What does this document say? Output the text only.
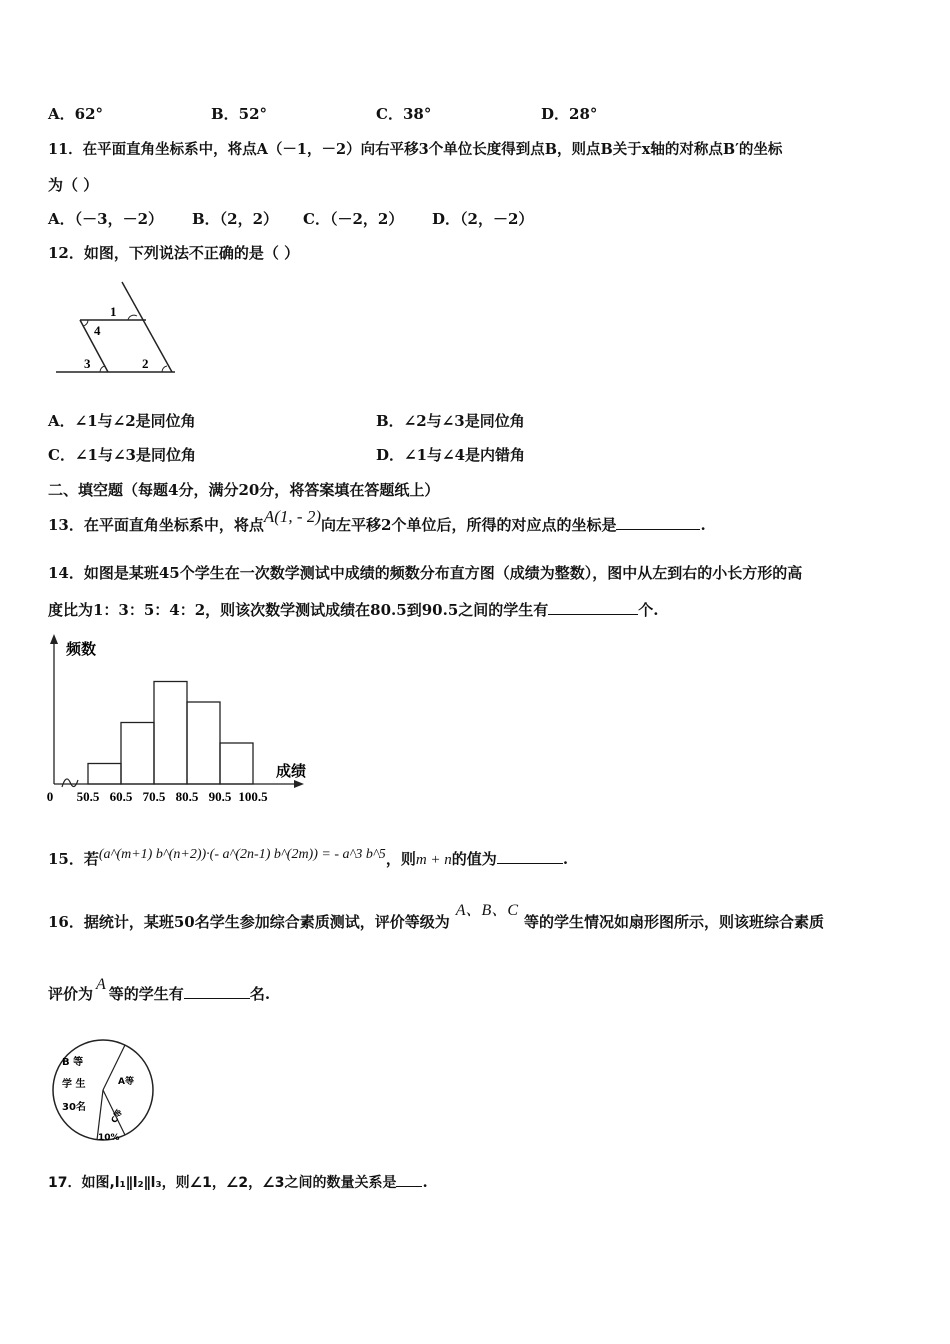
A．62°	B．52°	C．38°	D．28°
11．在平面直角坐标系中，将点A（－1，－2）向右平移3个单位长度得到点B，则点B关于x轴的对称点B′的坐标
为（ ）
A．（－3，－2） B．（2，2） C．（－2，2） D．（2，－2）
12．如图，下列说法不正确的是（ ）
1
4
3	2
A．∠1与∠2是同位角	B．∠2与∠3是同位角
C．∠1与∠3是同位角	D．∠1与∠4是内错角
二、填空题（每题4分，满分20分，将答案填在答题纸上）
13．在平面直角坐标系中，将点A(1, - 2)向左平移2个单位后，所得的对应点的坐标是	.
14．如图是某班45个学生在一次数学测试中成绩的频数分布直方图（成绩为整数），图中从左到右的小长方形的高
度比为1：3：5：4：2，则该次数学测试成绩在80.5到90.5之间的学生有	个.
50.5 60.5 70.5 80.5 90.5 100.5
频数
成绩
0
15．若(a^(m+1) b^(n+2))·(- a^(2n-1) b^(2m)) = - a^3 b^5，则m + n的值为	.
16．据统计，某班50名学生参加综合素质测试，评价等级为A、B、C等的学生情况如扇形图所示，则该班综合素质
评价为A等的学生有	名.
B 等
学 生
30名
A等
C等
10%
17．如图,l₁∥l₂∥l₃，则∠1，∠2，∠3之间的数量关系是 .
